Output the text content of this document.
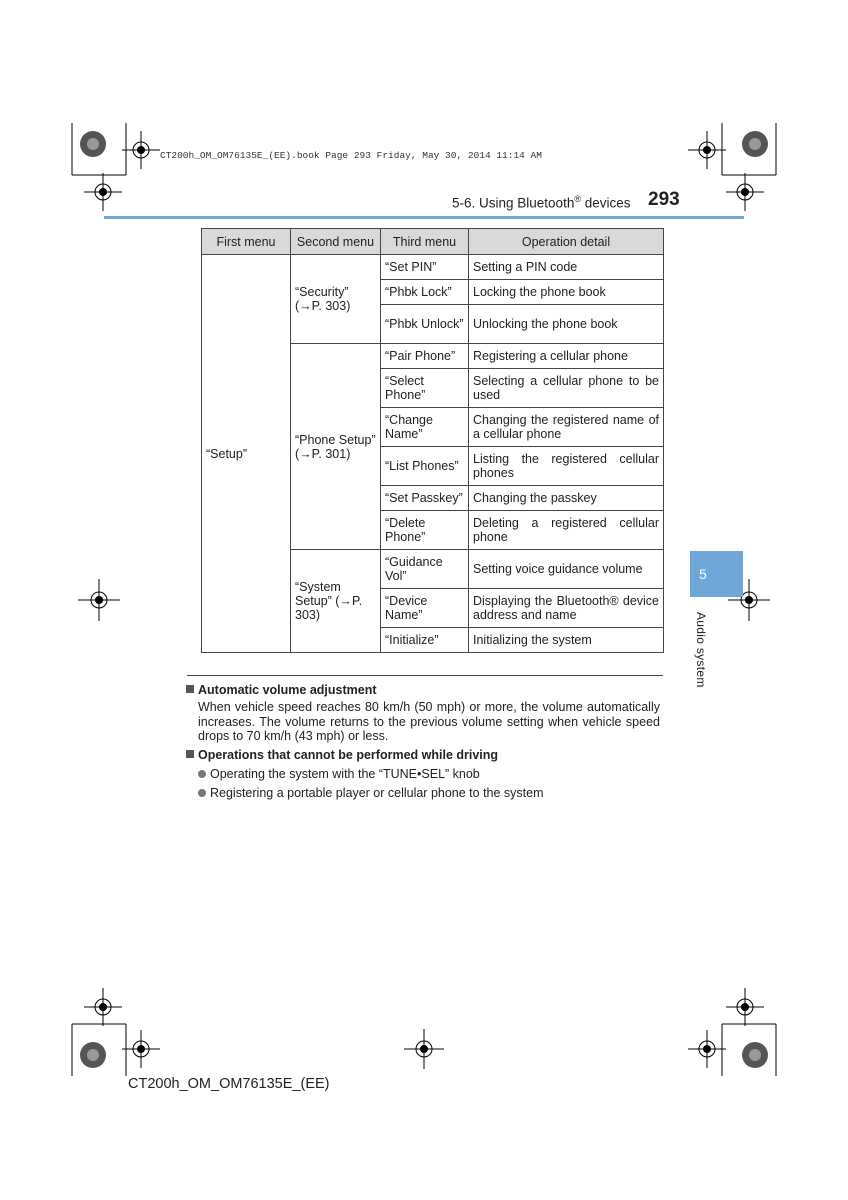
CT200h_OM_OM76135E_(EE).book Page 293 Friday, May 30, 2014 11:14 AM
5-6. Using Bluetooth® devices 293
First menu	Second menu	Third menu	Operation detail
“Setup”	“Security” (→P. 303)	“Set PIN”	Setting a PIN code
		“Phbk Lock”	Locking the phone book
		“Phbk Unlock”	Unlocking the phone book
	“Phone Setup” (→P. 301)	“Pair Phone”	Registering a cellular phone
		“Select Phone”	Selecting a cellular phone to be used
		“Change Name”	Changing the registered name of a cellular phone
		“List Phones”	Listing the registered cellular phones
		“Set Passkey”	Changing the passkey
		“Delete Phone”	Deleting a registered cellular phone
	“System Setup” (→P. 303)	“Guidance Vol”	Setting voice guidance volume
		“Device Name”	Displaying the Bluetooth® device address and name
		“Initialize”	Initializing the system
5
Audio system
Automatic volume adjustment
When vehicle speed reaches 80 km/h (50 mph) or more, the volume automatically increases. The volume returns to the previous volume setting when vehicle speed drops to 70 km/h (43 mph) or less.
Operations that cannot be performed while driving
Operating the system with the “TUNE•SEL” knob
Registering a portable player or cellular phone to the system
CT200h_OM_OM76135E_(EE)
